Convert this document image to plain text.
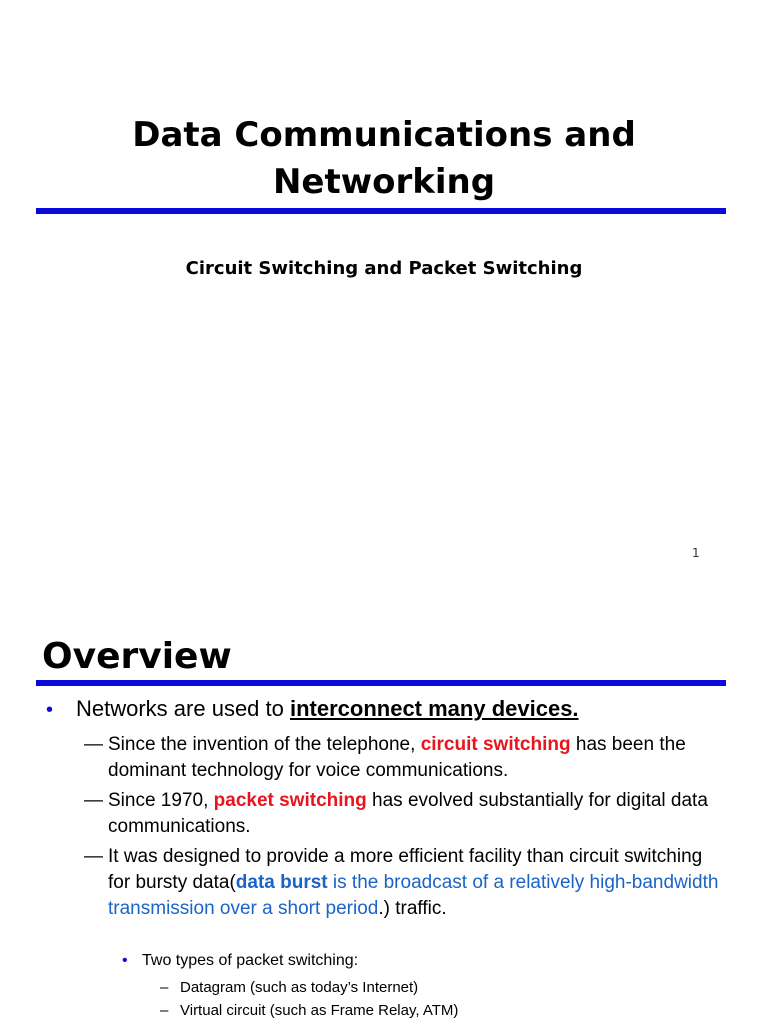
Data Communications and Networking
Circuit Switching and Packet Switching
1
Overview
• Networks are used to interconnect many devices.
— Since the invention of the telephone, circuit switching has been the dominant technology for voice communications.
— Since 1970, packet switching has evolved substantially for digital data communications.
— It was designed to provide a more efficient facility than circuit switching for bursty data(data burst is the broadcast of a relatively high-bandwidth transmission over a short period.) traffic.
• Two types of packet switching:
– Datagram (such as today’s Internet)
– Virtual circuit (such as Frame Relay, ATM)
